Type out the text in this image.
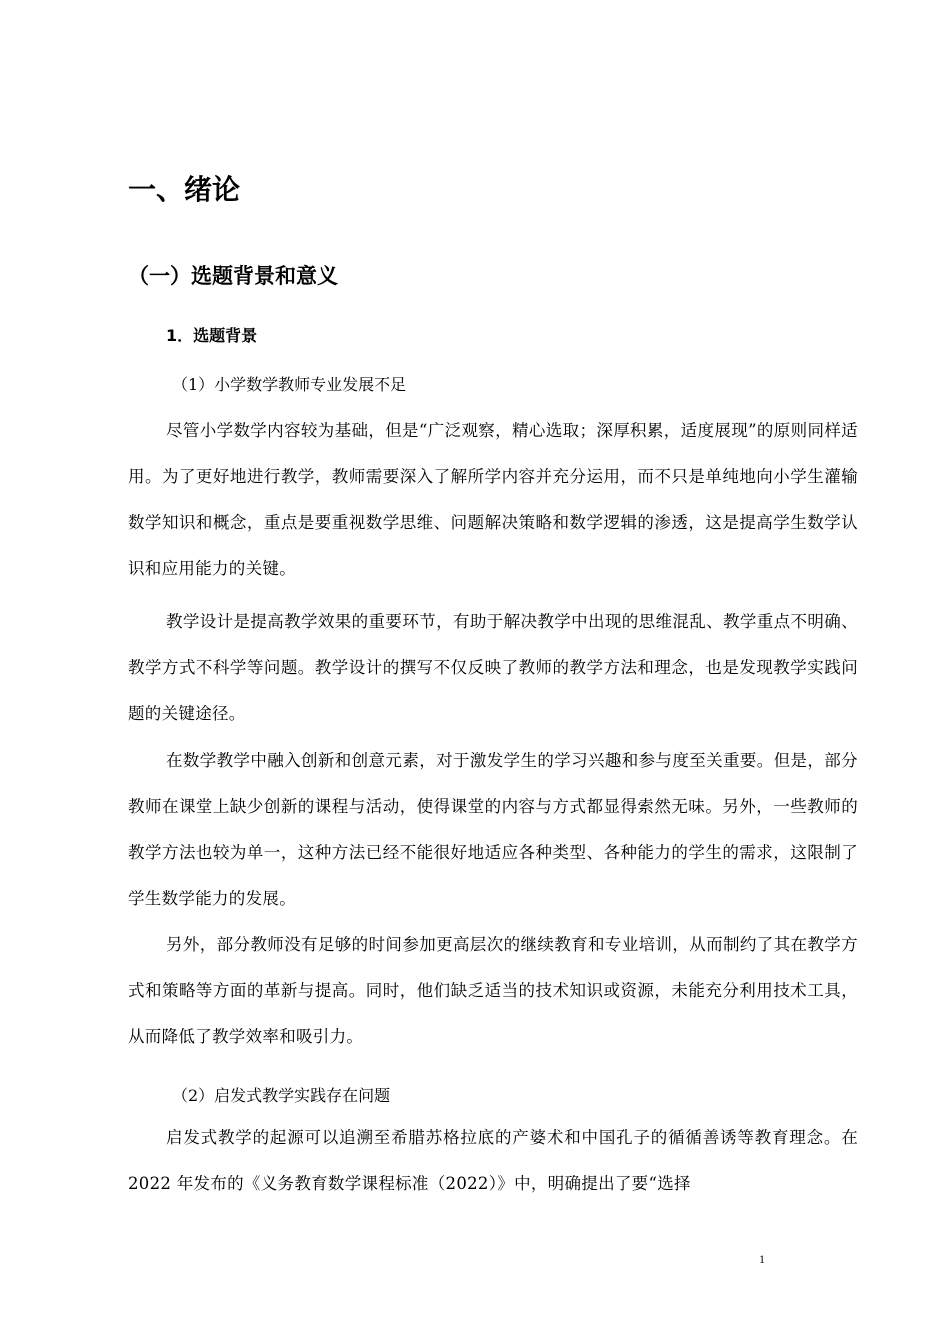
一、绪论
（一）选题背景和意义
1．选题背景

（1）小学数学教师专业发展不足

尽管小学数学内容较为基础，但是“广泛观察，精心选取；深厚积累，适度展现”的原则同样适用。为了更好地进行教学，教师需要深入了解所学内容并充分运用，而不只是单纯地向小学生灌输数学知识和概念，重点是要重视数学思维、问题解决策略和数学逻辑的渗透，这是提高学生数学认识和应用能力的关键。

教学设计是提高教学效果的重要环节，有助于解决教学中出现的思维混乱、教学重点不明确、教学方式不科学等问题。教学设计的撰写不仅反映了教师的教学方法和理念，也是发现教学实践问题的关键途径。

在数学教学中融入创新和创意元素，对于激发学生的学习兴趣和参与度至关重要。但是，部分教师在课堂上缺少创新的课程与活动，使得课堂的内容与方式都显得索然无味。另外，一些教师的教学方法也较为单一，这种方法已经不能很好地适应各种类型、各种能力的学生的需求，这限制了学生数学能力的发展。

另外，部分教师没有足够的时间参加更高层次的继续教育和专业培训，从而制约了其在教学方式和策略等方面的革新与提高。同时，他们缺乏适当的技术知识或资源，未能充分利用技术工具，从而降低了教学效率和吸引力。

（2）启发式教学实践存在问题

启发式教学的起源可以追溯至希腊苏格拉底的产婆术和中国孔子的循循善诱等教育理念。在 2022 年发布的《义务教育数学课程标准（2022）》中，明确提出了要“选择

1
